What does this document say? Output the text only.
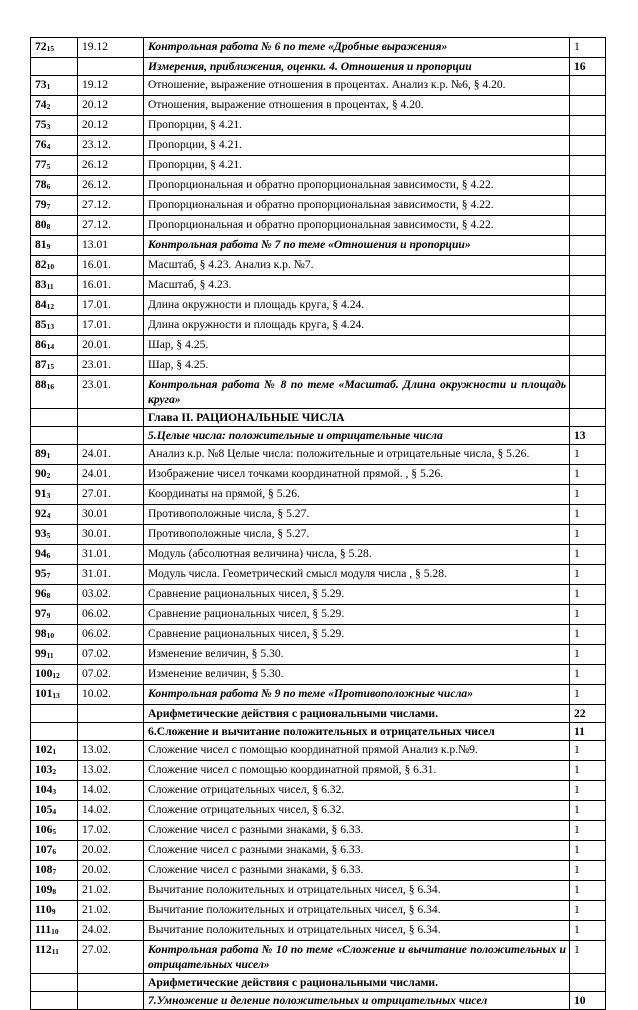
$72_{15}$	19.12	Контрольная работа № 6 по теме «Дробные выражения»	1
		Измерения, приближения, оценки. 4. Отношения и пропорции	16
$73_1$	19.12	Отношение, выражение отношения в процентах. Анализ к.р. №6, § 4.20.	
$74_2$	20.12	Отношения, выражение отношения в процентах, § 4.20.	
$75_3$	20.12	Пропорции, § 4.21.	
$76_4$	23.12.	Пропорции, § 4.21.	
$77_5$	26.12	Пропорции, § 4.21.	
$78_6$	26.12.	Пропорциональная и обратно пропорциональная зависимости, § 4.22.	
$79_7$	27.12.	Пропорциональная и обратно пропорциональная зависимости, § 4.22.	
$80_8$	27.12.	Пропорциональная и обратно пропорциональная зависимости, § 4.22.	
$81_9$	13.01	Контрольная работа № 7 по теме «Отношения и пропорции»	
$82_{10}$	16.01.	Масштаб, § 4.23. Анализ к.р. №7.	
$83_{11}$	16.01.	Масштаб, § 4.23.	
$84_{12}$	17.01.	Длина окружности и площадь круга, § 4.24.	
$85_{13}$	17.01.	Длина окружности и площадь круга, § 4.24.	
$86_{14}$	20.01.	Шар, § 4.25.	
$87_{15}$	23.01.	Шар, § 4.25.	
$88_{16}$	23.01.	Контрольная работа № 8 по теме «Масштаб. Длина окружности и площадь круга»	
		Глава II. РАЦИОНАЛЬНЫЕ ЧИСЛА	
		5.Целые числа: положительные и отрицательные числа	13
$89_1$	24.01.	Анализ к.р. №8 Целые числа: положительные и отрицательные числа, § 5.26.	1
$90_2$	24.01.	Изображение чисел точками координатной прямой. , § 5.26.	1
$91_3$	27.01.	Координаты на прямой, § 5.26.	1
$92_4$	30.01	Противоположные числа, § 5.27.	1
$93_5$	30.01.	Противоположные числа, § 5.27.	1
$94_6$	31.01.	Модуль (абсолютная величина) числа, § 5.28.	1
$95_7$	31.01.	Модуль числа. Геометрический смысл модуля числа , § 5.28.	1
$96_8$	03.02.	Сравнение рациональных чисел, § 5.29.	1
$97_9$	06.02.	Сравнение рациональных чисел, § 5.29.	1
$98_{10}$	06.02.	Сравнение рациональных чисел, § 5.29.	1
$99_{11}$	07.02.	Изменение величин, § 5.30.	1
$100_{12}$	07.02.	Изменение величин, § 5.30.	1
$101_{13}$	10.02.	Контрольная работа № 9 по теме «Противоположные числа»	1
		Арифметические действия с рациональными числами.	22
		6.Сложение и вычитание положительных и отрицательных чисел	11
$102_1$	13.02.	Сложение чисел с помощью координатной прямой Анализ к.р.№9.	1
$103_2$	13.02.	Сложение чисел с помощью координатной прямой, § 6.31.	1
$104_3$	14.02.	Сложение отрицательных чисел, § 6.32.	1
$105_4$	14.02.	Сложение отрицательных чисел, § 6.32.	1
$106_5$	17.02.	Сложение чисел с разными знаками, § 6.33.	1
$107_6$	20.02.	Сложение чисел с разными знаками, § 6.33.	1
$108_7$	20.02.	Сложение чисел с разными знаками, § 6.33.	1
$109_8$	21.02.	Вычитание положительных и отрицательных чисел, § 6.34.	1
$110_9$	21.02.	Вычитание положительных и отрицательных чисел, § 6.34.	1
$111_{10}$	24.02.	Вычитание положительных и отрицательных чисел, § 6.34.	1
$112_{11}$	27.02.	Контрольная работа № 10 по теме «Сложение и вычитание положительных и отрицательных чисел»	1
		Арифметические действия с рациональными числами.	
		7.Умножение и деление положительных и отрицательных чисел	10
